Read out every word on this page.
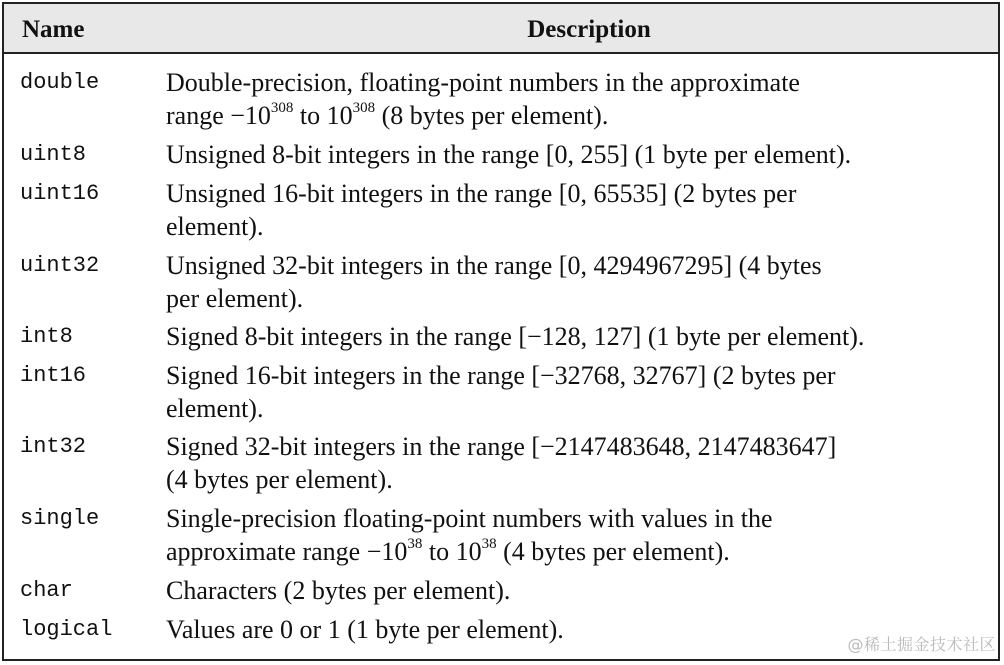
Name	Description
double	Double-precision, floating-point numbers in the approximate
range $-10^{308}$ to $10^{308}$ (8 bytes per element).
uint8	Unsigned 8-bit integers in the range [0, 255] (1 byte per element).
uint16	Unsigned 16-bit integers in the range [0, 65535] (2 bytes per
element).
uint32	Unsigned 32-bit integers in the range [0, 4294967295] (4 bytes
per element).
int8	Signed 8-bit integers in the range [−128, 127] (1 byte per element).
int16	Signed 16-bit integers in the range [−32768, 32767] (2 bytes per
element).
int32	Signed 32-bit integers in the range [−2147483648, 2147483647]
(4 bytes per element).
single	Single-precision floating-point numbers with values in the
approximate range $-10^{38}$ to $10^{38}$ (4 bytes per element).
char	Characters (2 bytes per element).
logical	Values are 0 or 1 (1 byte per element).
@稀土掘金技术社区
